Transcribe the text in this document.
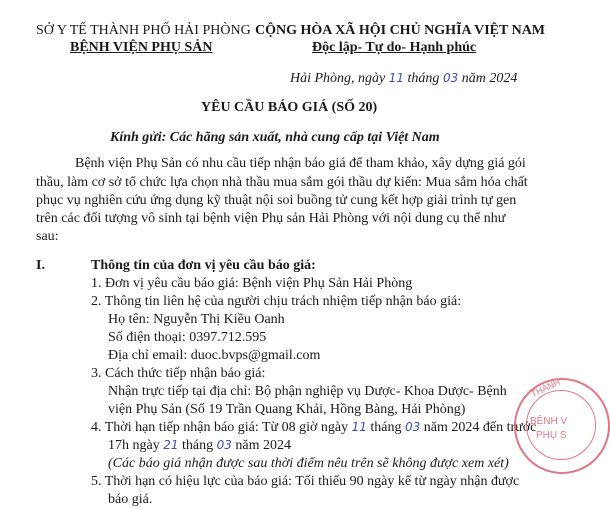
SỞ Y TẾ THÀNH PHỐ HẢI PHÒNG
BỆNH VIỆN PHỤ SẢN
CỘNG HÒA XÃ HỘI CHỦ NGHĨA VIỆT NAM
Độc lập- Tự do- Hạnh phúc
Hải Phòng, ngày 11 tháng 03 năm 2024
YÊU CẦU BÁO GIÁ (SỐ 20)
Kính gửi: Các hãng sản xuất, nhà cung cấp tại Việt Nam
Bệnh viện Phụ Sản có nhu cầu tiếp nhận báo giá để tham khảo, xây dựng giá gói
thầu, làm cơ sở tổ chức lựa chọn nhà thầu mua sắm gói thầu dự kiến: Mua sắm hóa chất
phục vụ nghiên cứu ứng dụng kỹ thuật nội soi buồng tử cung kết hợp giải trình tự gen
trên các đối tượng vô sinh tại bệnh viện Phụ sản Hải Phòng với nội dung cụ thể như
sau:
I.	Thông tin của đơn vị yêu cầu báo giá:
1. Đơn vị yêu cầu báo giá: Bệnh viện Phụ Sản Hải Phòng
2. Thông tin liên hệ của người chịu trách nhiệm tiếp nhận báo giá:
Họ tên: Nguyễn Thị Kiều Oanh
Số điện thoại: 0397.712.595
Địa chỉ email: duoc.bvps@gmail.com
3. Cách thức tiếp nhận báo giá:
Nhận trực tiếp tại địa chỉ: Bộ phận nghiệp vụ Dược- Khoa Dược- Bệnh
viện Phụ Sản (Số 19 Trần Quang Khải, Hồng Bàng, Hải Phòng)
4. Thời hạn tiếp nhận báo giá: Từ 08 giờ ngày 11 tháng 03 năm 2024 đến trước
17h ngày 21 tháng 03 năm 2024
(Các báo giá nhận được sau thời điểm nêu trên sẽ không được xem xét)
5. Thời hạn có hiệu lực của báo giá: Tối thiểu 90 ngày kể từ ngày nhận được
báo giá.
THÀNH
BỆNH V
PHỤ S
